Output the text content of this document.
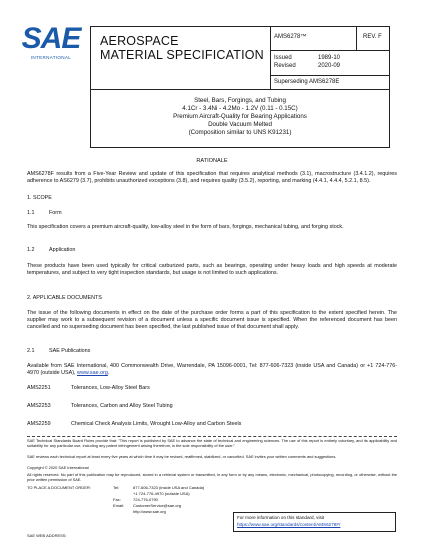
SAE
INTERNATIONAL
AEROSPACE
MATERIAL SPECIFICATION
AMS6278™	REV. F
Issued	1989-10
Revised	2020-09
Superseding AMS6278E
Steel, Bars, Forgings, and Tubing
4.1Cr - 3.4Ni - 4.2Mo - 1.2V (0.11 - 0.15C)
Premium Aircraft-Quality for Bearing Applications
Double Vacuum Melted
(Composition similar to UNS K91231)
RATIONALE
AMS6278F results from a Five-Year Review and update of this specification that requires analytical methods (3.1), macrostructure (3.4.1.2), requires adherence to AS6279 (3.7), prohibits unauthorized exceptions (3.8), and requires quality (3.5.2), reporting, and marking (4.4.1, 4.4.4, 5.2.1, 8.5).
1. SCOPE
1.1	Form
This specification covers a premium aircraft-quality, low-alloy steel in the form of bars, forgings, mechanical tubing, and forging stock.
1.2	Application
These products have been used typically for critical carburized parts, such as bearings, operating under heavy loads and high speeds at moderate temperatures, and subject to very tight inspection standards, but usage is not limited to such applications.
2. APPLICABLE DOCUMENTS
The issue of the following documents in effect on the date of the purchase order forms a part of this specification to the extent specified herein. The supplier may work to a subsequent revision of a document unless a specific document issue is specified. When the referenced document has been cancelled and no superseding document has been specified, the last published issue of that document shall apply.
2.1	SAE Publications
Available from SAE International, 400 Commonwealth Drive, Warrendale, PA 15096-0001, Tel: 877-606-7323 (inside USA and Canada) or +1 724-776-4970 (outside USA), www.sae.org.
AMS2251	Tolerances, Low-Alloy Steel Bars
AMS2253	Tolerances, Carbon and Alloy Steel Tubing
AMS2259	Chemical Check Analysis Limits, Wrought Low-Alloy and Carbon Steels
SAE Technical Standards Board Rules provide that: "This report is published by SAE to advance the state of technical and engineering sciences. The use of this report is entirely voluntary, and its applicability and suitability for any particular use, including any patent infringement arising therefrom, is the sole responsibility of the user."
SAE reviews each technical report at least every five years at which time it may be revised, reaffirmed, stabilized, or cancelled. SAE invites your written comments and suggestions.
Copyright © 2020 SAE International
All rights reserved. No part of this publication may be reproduced, stored in a retrieval system or transmitted, in any form or by any means, electronic, mechanical, photocopying, recording, or otherwise, without the prior written permission of SAE.
TO PLACE A DOCUMENT ORDER:	Tel:	877-606-7323 (inside USA and Canada)
+1 724-776-4970 (outside USA)
Fax:	724-776-0790
Email: CustomerService@sae.org
http://www.sae.org
SAE WEB ADDRESS:
For more information on this standard, visit
https://www.sae.org/standards/content/AMS6278F/
